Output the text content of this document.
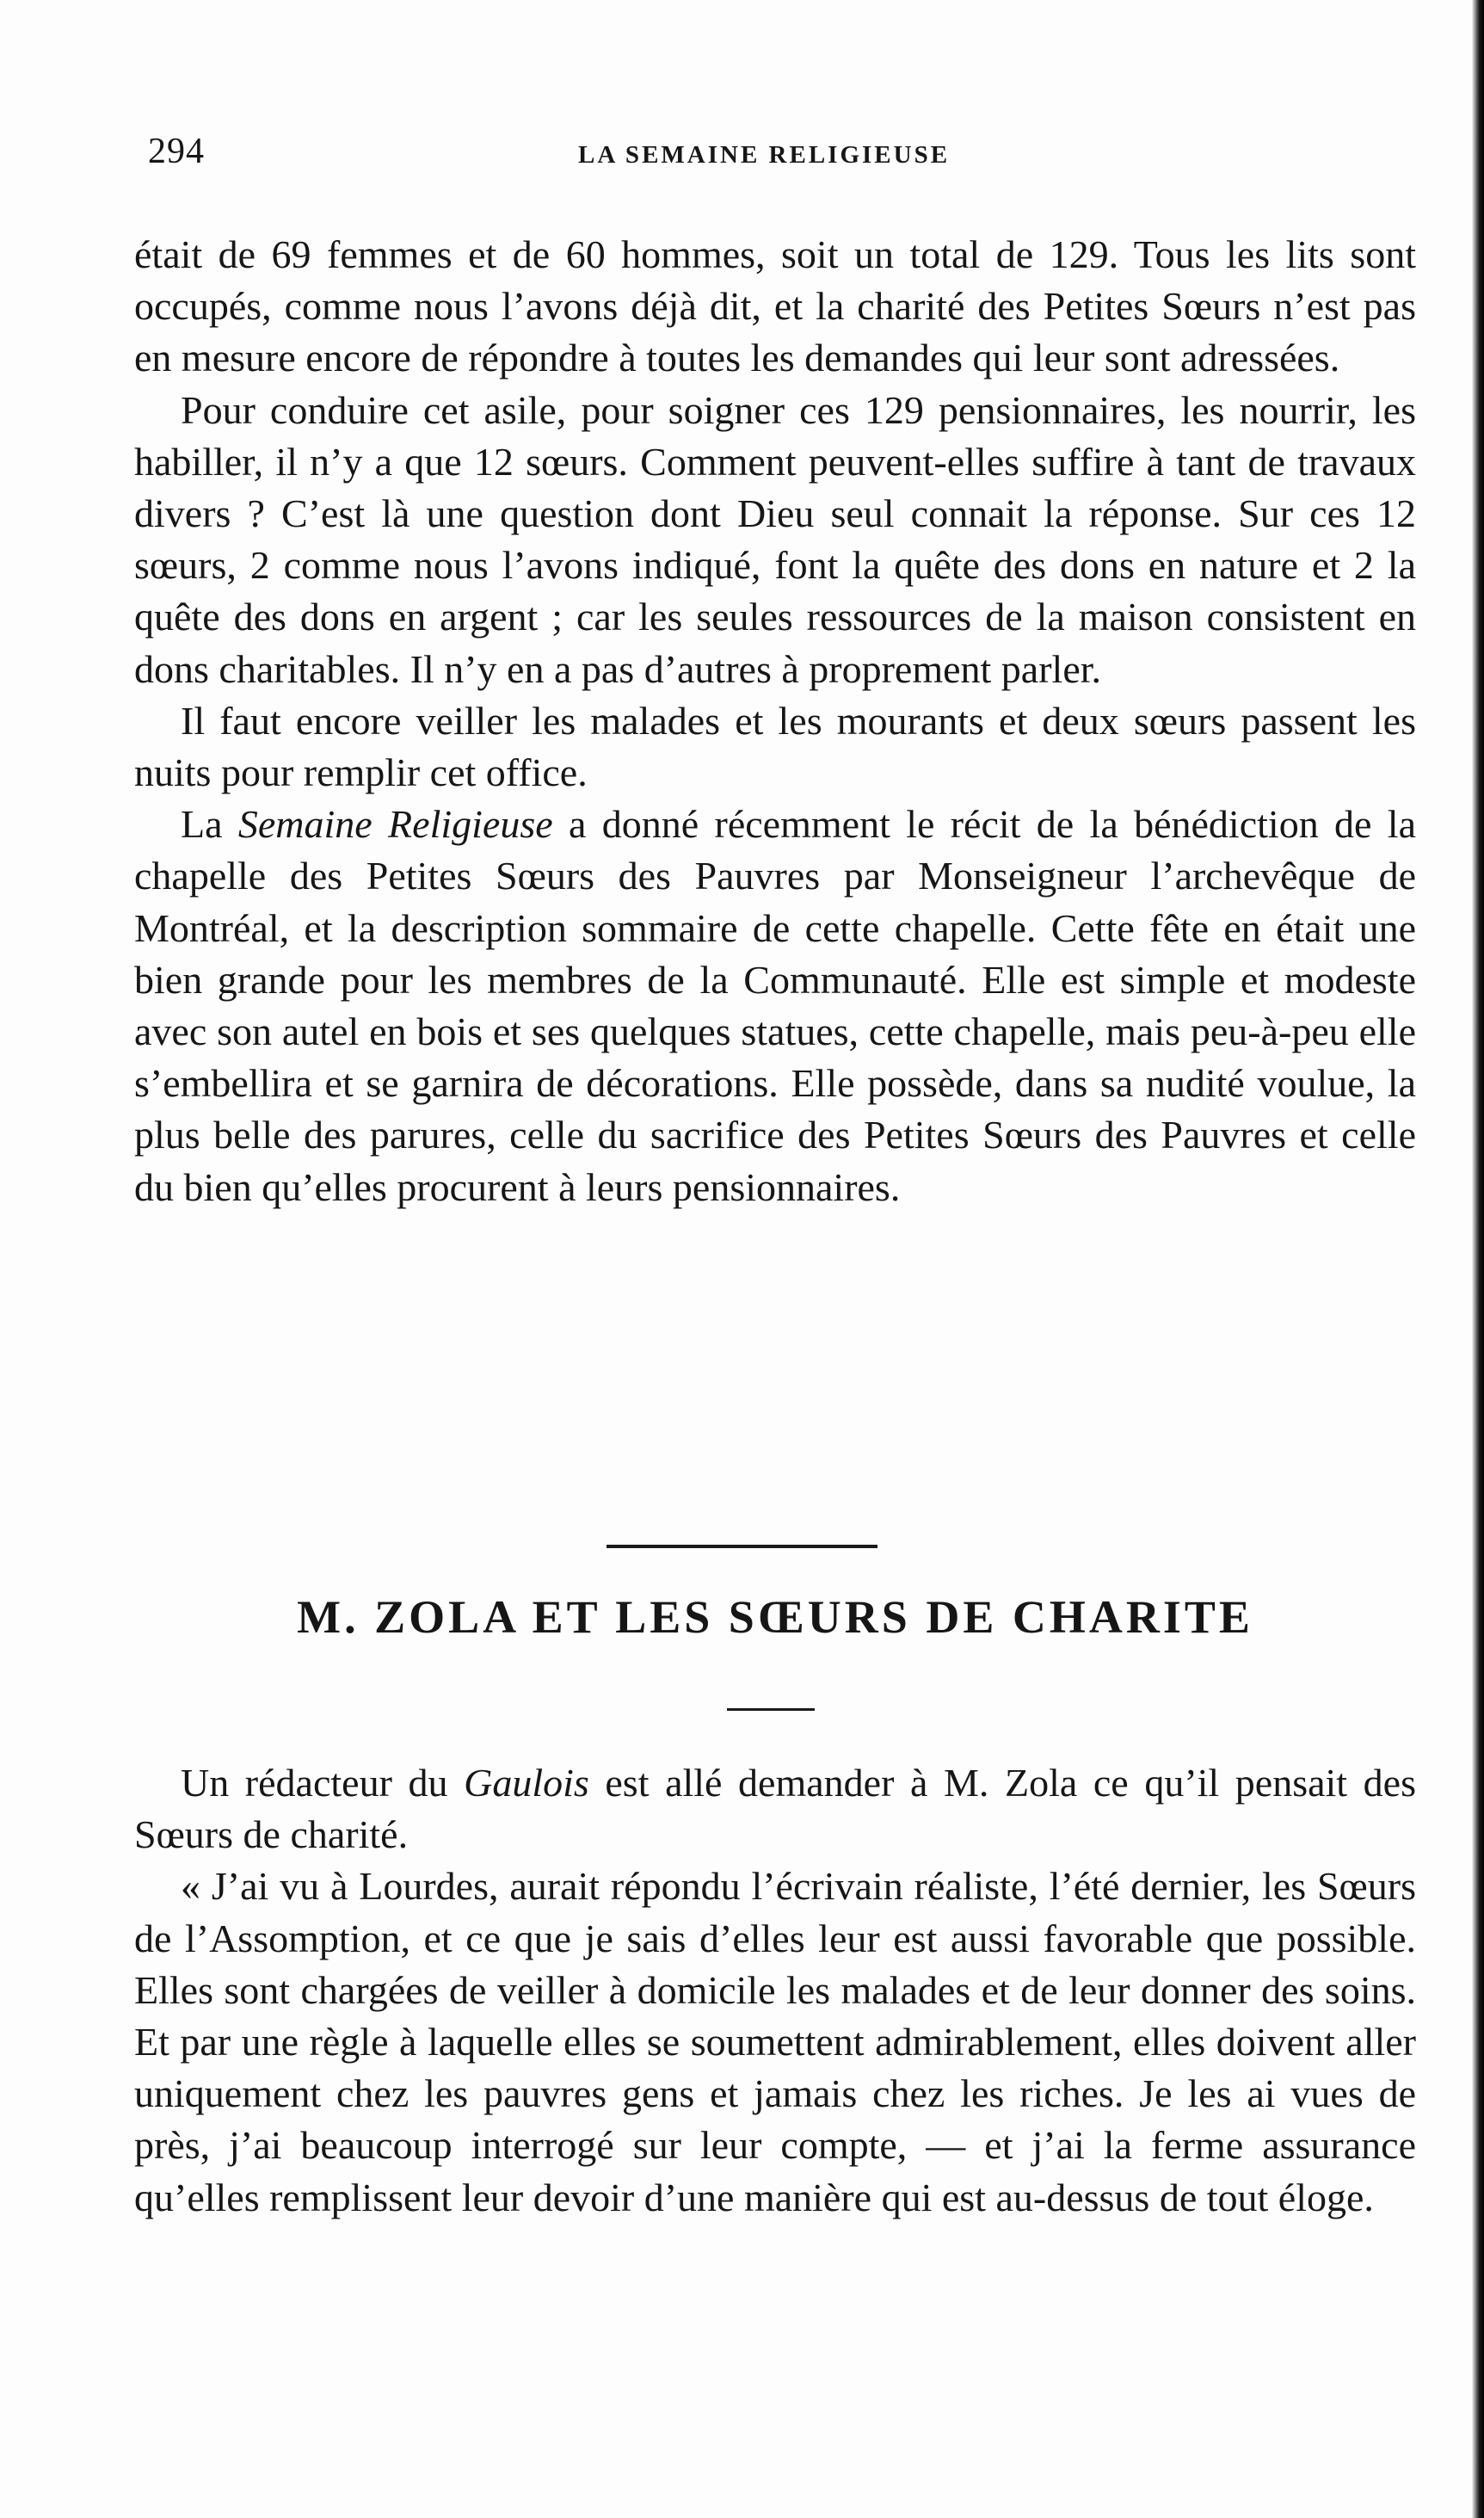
294	LA SEMAINE RELIGIEUSE

était de 69 femmes et de 60 hommes, soit un total de 129. Tous les lits sont occupés, comme nous l’avons déjà dit, et la charité des Petites Sœurs n’est pas en mesure encore de répondre à toutes les demandes qui leur sont adressées.

Pour conduire cet asile, pour soigner ces 129 pensionnaires, les nourrir, les habiller, il n’y a que 12 sœurs. Comment peuvent-elles suffire à tant de travaux divers ? C’est là une question dont Dieu seul connait la réponse. Sur ces 12 sœurs, 2 comme nous l’avons indiqué, font la quête des dons en nature et 2 la quête des dons en argent ; car les seules ressources de la maison consistent en dons charitables. Il n’y en a pas d’autres à proprement parler.

Il faut encore veiller les malades et les mourants et deux sœurs passent les nuits pour remplir cet office.

La Semaine Religieuse a donné récemment le récit de la bénédiction de la chapelle des Petites Sœurs des Pauvres par Monseigneur l’archevêque de Montréal, et la description sommaire de cette chapelle. Cette fête en était une bien grande pour les membres de la Communauté. Elle est simple et modeste avec son autel en bois et ses quelques statues, cette chapelle, mais peu-à-peu elle s’embellira et se garnira de décorations. Elle possède, dans sa nudité voulue, la plus belle des parures, celle du sacrifice des Petites Sœurs des Pauvres et celle du bien qu’elles procurent à leurs pensionnaires.

M. ZOLA ET LES SŒURS DE CHARITE

Un rédacteur du Gaulois est allé demander à M. Zola ce qu’il pensait des Sœurs de charité.

« J’ai vu à Lourdes, aurait répondu l’écrivain réaliste, l’été dernier, les Sœurs de l’Assomption, et ce que je sais d’elles leur est aussi favorable que possible. Elles sont chargées de veiller à domicile les malades et de leur donner des soins. Et par une règle à laquelle elles se soumettent admirablement, elles doivent aller uniquement chez les pauvres gens et jamais chez les riches. Je les ai vues de près, j’ai beaucoup interrogé sur leur compte, — et j’ai la ferme assurance qu’elles remplissent leur devoir d’une manière qui est au-dessus de tout éloge.
